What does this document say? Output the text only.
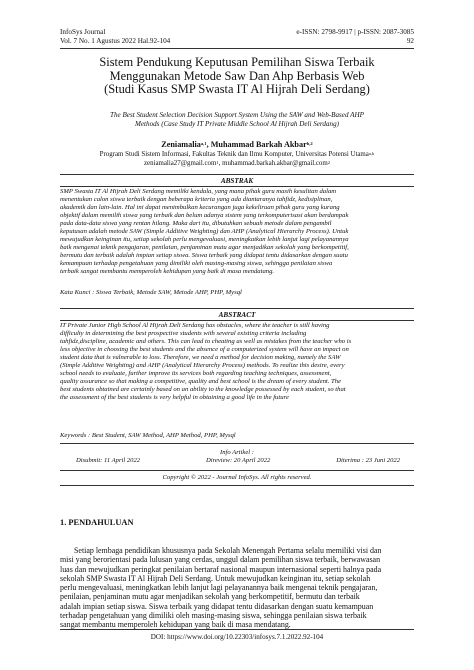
InfoSys Journal
Vol. 7 No. 1 Agustus 2022 Hal.92-104
e-ISSN: 2798-9917 | p-ISSN: 2087-3085
92
Sistem Pendukung Keputusan Pemilihan Siswa Terbaik
Menggunakan Metode Saw Dan Ahp Berbasis Web
(Studi Kasus SMP Swasta IT Al Hijrah Deli Serdang)
The Best Student Selection Decision Support System Using the SAW and Web-Based AHP
Methods (Case Study IT Private Middle School Al Hijrah Deli Serdang)
Zeniamalia$^{a,1}$, Muhammad Barkah Akbar$^{b,2}$
Program Studi Sistem Informasi, Fakultas Teknik dan Ilmu Komputer, Universitas Potensi Utama$^{a,b}$
zeniamalia27@gmail.com$^1$, muhammad.barkah.akbar@gmail.com$^2$
ABSTRAK
SMP Swasta IT Al Hijrah Deli Serdang memiliki kendala, yang mana pihak guru masih kesulitan dalam
menentukan calon siswa terbaik dengan beberapa kriteria yang ada diantaranya tahfidz, kedisiplinan,
akademik dan lain-lain. Hal ini dapat menimbulkan kecurangan juga kekeliruan pihak guru yang kurang
objektif dalam memilih siswa yang terbaik dan belum adanya sistem yang terkomputerisasi akan berdampak
pada data-data siswa yang rentan hilang. Maka dari itu, dibutuhkan sebuah metode dalam pengambil
keputusan adalah metode SAW (Simple Additive Weighting) dan AHP (Analytical Hierarchy Process). Untuk
mewujudkan keinginan itu, setiap sekolah perlu mengevaluasi, meningkatkan lebih lanjut lagi pelayanannya
baik mengenai teknik pengajaran, penilaian, penjaminan mutu agar menjadikan sekolah yang berkompetitif,
bermutu dan terbaik adalah impian setiap siswa. Siswa terbaik yang didapat tentu didasarkan dengan suatu
kemampuan terhadap pengetahuan yang dimiliki oleh masing-masing siswa, sehingga penilaian siswa
terbaik sangat membantu memperoleh kehidupan yang baik di masa mendatang.
Kata Kunci : Siswa Terbaik, Metode SAW, Metode AHP, PHP, Mysql
ABSTRACT
IT Private Junior High School Al Hijrah Deli Serdang has obstacles, where the teacher is still having
difficulty in determining the best prospective students with several existing criteria including
tahfidz,discipline, academic and others. This can lead to cheating as well as mistakes from the teacher who is
less objective in choosing the best students and the absence of a computerized system will have an impact on
student data that is vulnerable to loss. Therefore, we need a method for decision making, namely the SAW
(Simple Additive Weighting) and AHP (Analytical Hierarchy Process) methods. To realize this desire, every
school needs to evaluate, further improve its services both regarding teaching techniques, assessment,
quality assurance so that making a competitive, quality and best school is the dream of every student. The
best students obtained are certainly based on an ability to the knowledge possessed by each student, so that
the assessment of the best students is very helpful in obtaining a good life in the future
Keywords : Best Student, SAW Method, AHP Method, PHP, Mysql
Info Artikel :
Disubmit: 11 April 2022	Direview: 20 April 2022	Diterima : 23 Juni 2022
Copyright © 2022 - Journal InfoSys. All rights reserved.
1. PENDAHULUAN
Setiap lembaga pendidikan khususnya pada Sekolah Menengah Pertama selalu memiliki visi dan
misi yang berorientasi pada lulusan yang cerdas, unggul dalam pemilihan siswa terbaik, berwawasan
luas dan mewujudkan peringkat penilaian bertaraf nasional maupun internasional seperti halnya pada
sekolah SMP Swasta IT Al Hijrah Deli Serdang. Untuk mewujudkan keinginan itu, setiap sekolah
perlu mengevaluasi, meningkatkan lebih lanjut lagi pelayanannya baik mengenai teknik pengajaran,
penilaian, penjaminan mutu agar menjadikan sekolah yang berkompetitif, bermutu dan terbaik
adalah impian setiap siswa. Siswa terbaik yang didapat tentu didasarkan dengan suatu kemampuan
terhadap pengetahuan yang dimiliki oleh masing-masing siswa, sehingga penilaian siswa terbaik
sangat membantu memperoleh kehidupan yang baik di masa mendatang.
DOI: https://www.doi.org/10.22303/infosys.7.1.2022.92-104
